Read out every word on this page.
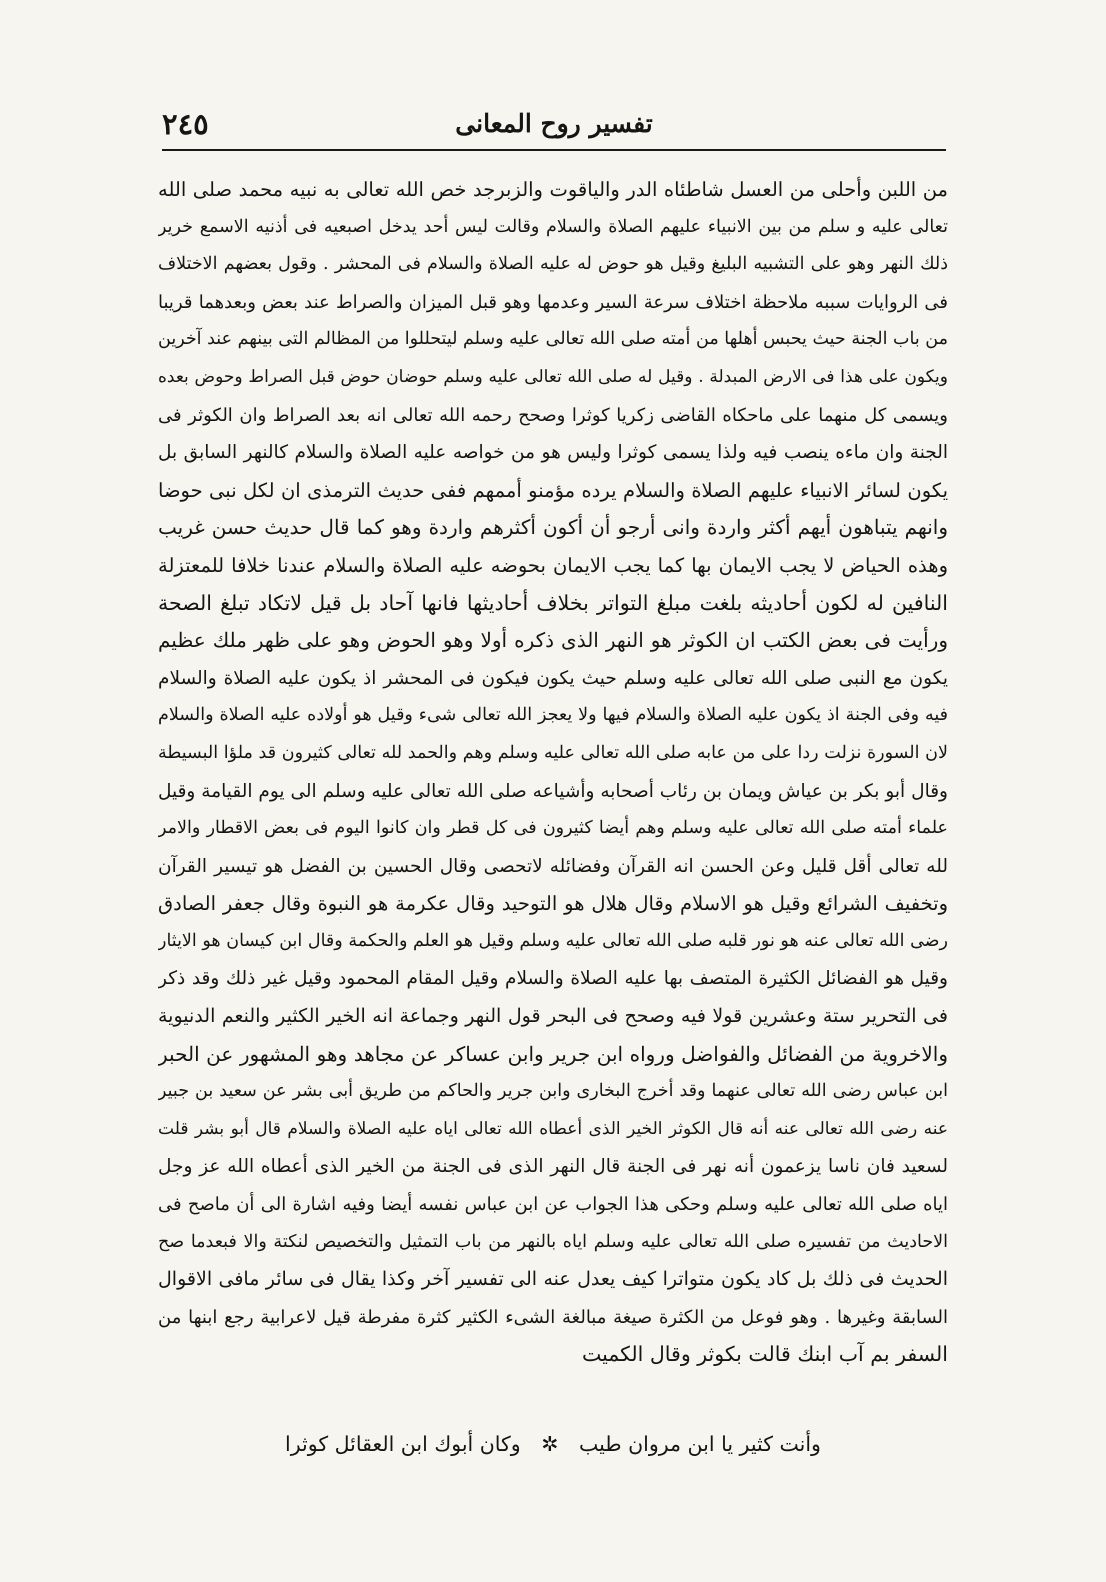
تفسير روح المعانى
٢٤٥
من اللبن وأحلى من العسل شاطئاه الدر والياقوت والزبرجد خص الله تعالى به نبيه محمد صلى الله
تعالى عليه و سلم من بين الانبياء عليهم الصلاة والسلام وقالت ليس أحد يدخل اصبعيه فى أذنيه الاسمع خرير
ذلك النهر وهو على التشبيه البليغ وقيل هو حوض له عليه الصلاة والسلام فى المحشر . وقول بعضهم الاختلاف
فى الروايات سببه ملاحظة اختلاف سرعة السير وعدمها وهو قبل الميزان والصراط عند بعض وبعدهما قريبا
من باب الجنة حيث يحبس أهلها من أمته صلى الله تعالى عليه وسلم ليتحللوا من المظالم التى بينهم عند آخرين
ويكون على هذا فى الارض المبدلة . وقيل له صلى الله تعالى عليه وسلم حوضان حوض قبل الصراط وحوض بعده
ويسمى كل منهما على ماحكاه القاضى زكريا كوثرا وصحح رحمه الله تعالى انه بعد الصراط وان الكوثر فى
الجنة وان ماءه ينصب فيه ولذا يسمى كوثرا وليس هو من خواصه عليه الصلاة والسلام كالنهر السابق بل
يكون لسائر الانبياء عليهم الصلاة والسلام يرده مؤمنو أممهم ففى حديث الترمذى ان لكل نبى حوضا
وانهم يتباهون أيهم أكثر واردة وانى أرجو أن أكون أكثرهم واردة وهو كما قال حديث حسن غريب
وهذه الحياض لا يجب الايمان بها كما يجب الايمان بحوضه عليه الصلاة والسلام عندنا خلافا للمعتزلة
النافين له لكون أحاديثه بلغت مبلغ التواتر بخلاف أحاديثها فانها آحاد بل قيل لاتكاد تبلغ الصحة
ورأيت فى بعض الكتب ان الكوثر هو النهر الذى ذكره أولا وهو الحوض وهو على ظهر ملك عظيم
يكون مع النبى صلى الله تعالى عليه وسلم حيث يكون فيكون فى المحشر اذ يكون عليه الصلاة والسلام
فيه وفى الجنة اذ يكون عليه الصلاة والسلام فيها ولا يعجز الله تعالى شىء وقيل هو أولاده عليه الصلاة والسلام
لان السورة نزلت ردا على من عابه صلى الله تعالى عليه وسلم وهم والحمد لله تعالى كثيرون قد ملؤا البسيطة
وقال أبو بكر بن عياش ويمان بن رئاب أصحابه وأشياعه صلى الله تعالى عليه وسلم الى يوم القيامة وقيل
علماء أمته صلى الله تعالى عليه وسلم وهم أيضا كثيرون فى كل قطر وان كانوا اليوم فى بعض الاقطار والامر
لله تعالى أقل قليل وعن الحسن انه القرآن وفضائله لاتحصى وقال الحسين بن الفضل هو تيسير القرآن
وتخفيف الشرائع وقيل هو الاسلام وقال هلال هو التوحيد وقال عكرمة هو النبوة وقال جعفر الصادق
رضى الله تعالى عنه هو نور قلبه صلى الله تعالى عليه وسلم وقيل هو العلم والحكمة وقال ابن كيسان هو الايثار
وقيل هو الفضائل الكثيرة المتصف بها عليه الصلاة والسلام وقيل المقام المحمود وقيل غير ذلك وقد ذكر
فى التحرير ستة وعشرين قولا فيه وصحح فى البحر قول النهر وجماعة انه الخير الكثير والنعم الدنيوية
والاخروية من الفضائل والفواضل ورواه ابن جرير وابن عساكر عن مجاهد وهو المشهور عن الحبر
ابن عباس رضى الله تعالى عنهما وقد أخرج البخارى وابن جرير والحاكم من طريق أبى بشر عن سعيد بن جبير
عنه رضى الله تعالى عنه أنه قال الكوثر الخير الذى أعطاه الله تعالى اياه عليه الصلاة والسلام قال أبو بشر قلت
لسعيد فان ناسا يزعمون أنه نهر فى الجنة قال النهر الذى فى الجنة من الخير الذى أعطاه الله عز وجل
اياه صلى الله تعالى عليه وسلم وحكى هذا الجواب عن ابن عباس نفسه أيضا وفيه اشارة الى أن ماصح فى
الاحاديث من تفسيره صلى الله تعالى عليه وسلم اياه بالنهر من باب التمثيل والتخصيص لنكتة والا فبعدما صح
الحديث فى ذلك بل كاد يكون متواترا كيف يعدل عنه الى تفسير آخر وكذا يقال فى سائر مافى الاقوال
السابقة وغيرها . وهو فوعل من الكثرة صيغة مبالغة الشىء الكثير كثرة مفرطة قيل لاعرابية رجع ابنها من
السفر بم آب ابنك قالت بكوثر وقال الكميت
وأنت كثير يا ابن مروان طيب ✲ وكان أبوك ابن العقائل كوثرا
